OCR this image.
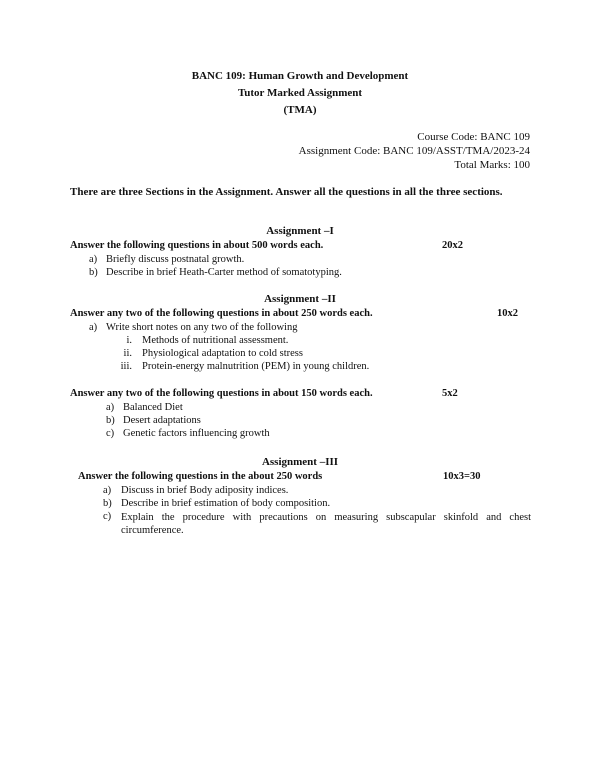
BANC 109: Human Growth and Development
Tutor Marked Assignment
(TMA)
Course Code: BANC 109
Assignment Code: BANC 109/ASST/TMA/2023-24
Total Marks: 100
There are three Sections in the Assignment. Answer all the questions in all the three sections.
Assignment –I
Answer the following questions in about 500 words each.	20x2
a) Briefly discuss postnatal growth.
b) Describe in brief Heath-Carter method of somatotyping.
Assignment –II
Answer any two of the following questions in about 250 words each.	10x2
a) Write short notes on any two of the following
i. Methods of nutritional assessment.
ii. Physiological adaptation to cold stress
iii. Protein-energy malnutrition (PEM) in young children.
Answer any two of the following questions in about 150 words each.	5x2
a) Balanced Diet
b) Desert adaptations
c) Genetic factors influencing growth
Assignment –III
Answer the following questions in the about 250 words	10x3=30
a) Discuss in brief Body adiposity indices.
b) Describe in brief estimation of body composition.
c) Explain the procedure with precautions on measuring subscapular skinfold and chest circumference.
